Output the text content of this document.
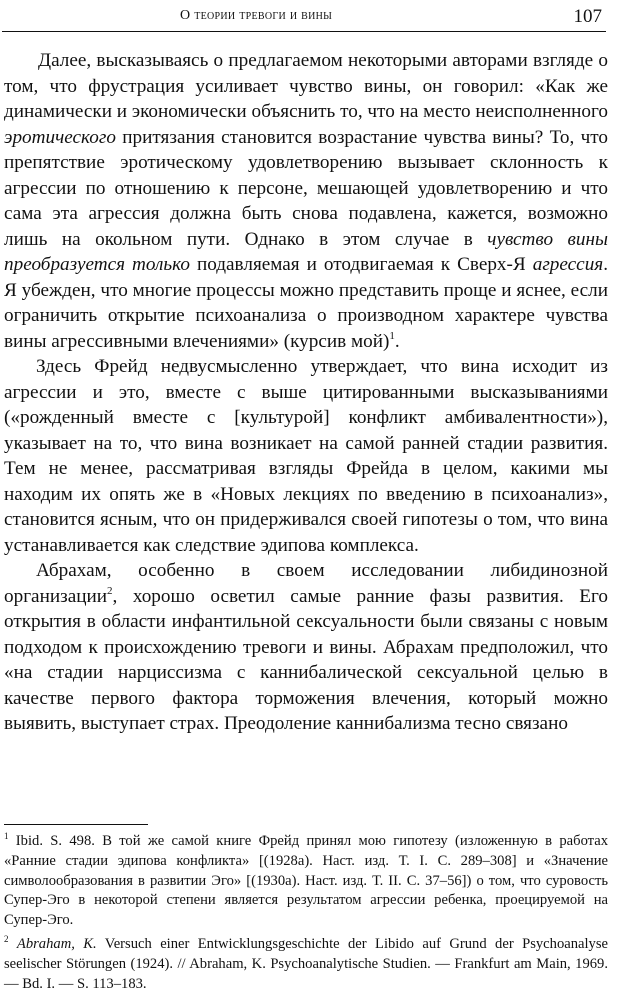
О теории тревоги и вины	107

Далее, высказываясь о предлагаемом некоторыми авторами взгляде о том, что фрустрация усиливает чувство вины, он говорил: «Как же динамически и экономически объяснить то, что на место неисполненного эротического притязания становится возрастание чувства вины? То, что препятствие эротическому удовлетворению вызывает склонность к агрессии по отношению к персоне, мешающей удовлетворению и что сама эта агрессия должна быть снова подавлена, кажется, возможно лишь на окольном пути. Однако в этом случае в чувство вины преобразуется только подавляемая и отодвигаемая к Сверх-Я агрессия. Я убежден, что многие процессы можно представить проще и яснее, если ограничить открытие психоанализа о производном характере чувства вины агрессивными влечениями» (курсив мой)$^1$.

Здесь Фрейд недвусмысленно утверждает, что вина исходит из агрессии и это, вместе с выше цитированными высказываниями («рожденный вместе с [культурой] конфликт амбивалентности»), указывает на то, что вина возникает на самой ранней стадии развития. Тем не менее, рассматривая взгляды Фрейда в целом, какими мы находим их опять же в «Новых лекциях по введению в психоанализ», становится ясным, что он придерживался своей гипотезы о том, что вина устанавливается как следствие эдипова комплекса.

Абрахам, особенно в своем исследовании либидинозной организации$^2$, хорошо осветил самые ранние фазы развития. Его открытия в области инфантильной сексуальности были связаны с новым подходом к происхождению тревоги и вины. Абрахам предположил, что «на стадии нарциссизма с каннибалической сексуальной целью в качестве первого фактора торможения влечения, который можно выявить, выступает страх. Преодоление каннибализма тесно связано

$^1$ Ibid. S. 498. В той же самой книге Фрейд принял мою гипотезу (изложенную в работах «Ранние стадии эдипова конфликта» [(1928a). Наст. изд. Т. I. С. 289–308] и «Значение символообразования в развитии Эго» [(1930a). Наст. изд. Т. II. С. 37–56]) о том, что суровость Супер-Эго в некоторой степени является результатом агрессии ребенка, проецируемой на Супер-Эго.

$^2$ Abraham, K. Versuch einer Entwicklungsgeschichte der Libido auf Grund der Psychoanalyse seelischer Störungen (1924). // Abraham, K. Psychoanalytische Studien. — Frankfurt am Main, 1969. — Bd. I. — S. 113–183.
